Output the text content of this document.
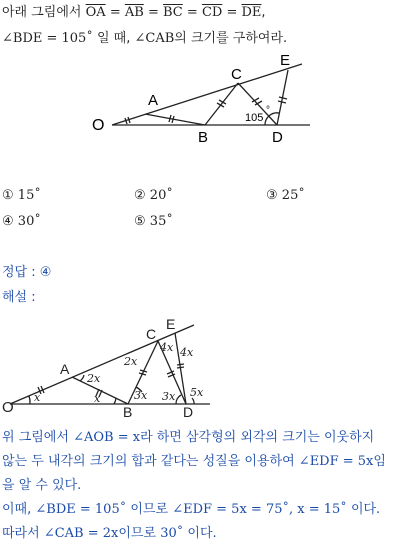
아래 그림에서 $\overline{OA} = \overline{AB} = \overline{BC} = \overline{CD} = \overline{DE}$,
∠BDE = 105˚ 일 때, ∠CAB의 크기를 구하여라.
O
A
B
C
D
E
105
°
① 15˚	② 20˚	③ 25˚
④ 30˚	⑤ 35˚
정답 : ④
해설 :
O
A
B
C
D
E
x
2x
x
2x
3x
4x
3x
4x
5x
위 그림에서 ∠AOB = x라 하면 삼각형의 외각의 크기는 이웃하지
않는 두 내각의 크기의 합과 같다는 성질을 이용하여 ∠EDF = 5x임
을 알 수 있다.
이때, ∠BDE = 105˚ 이므로 ∠EDF = 5x = 75˚, x = 15˚ 이다.
따라서 ∠CAB = 2x이므로 30˚ 이다.
